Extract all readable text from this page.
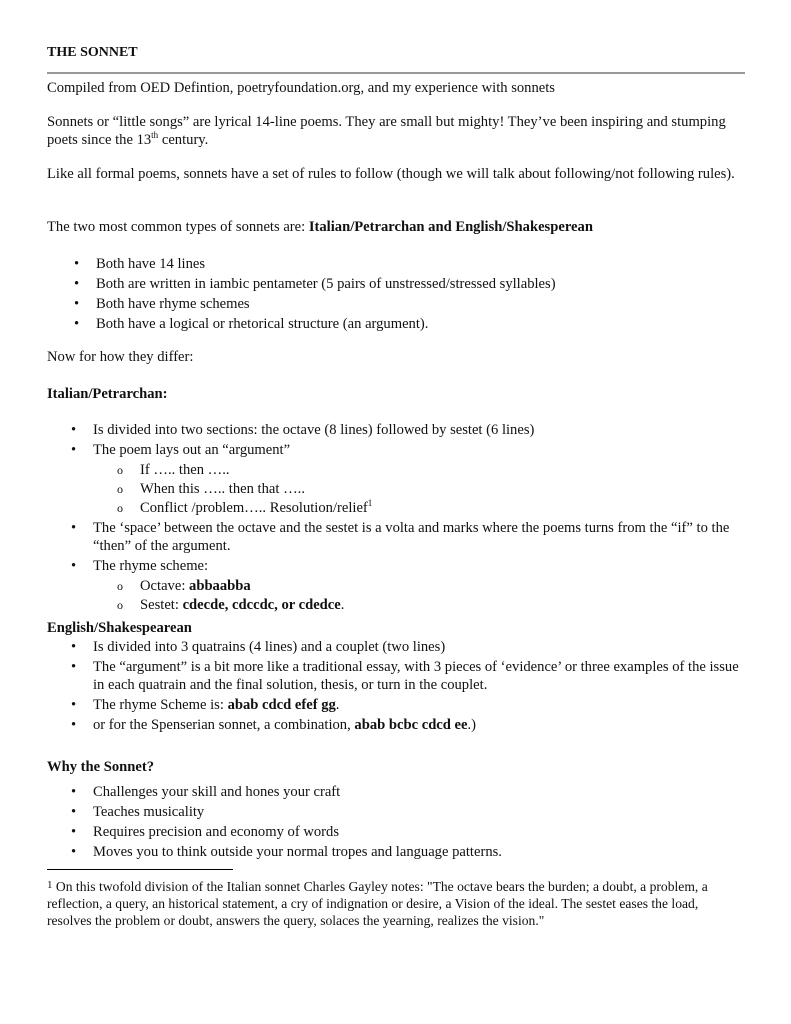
THE SONNET

Compiled from OED Defintion, poetryfoundation.org, and my experience with sonnets

Sonnets or “little songs” are lyrical 14-line poems. They are small but mighty! They’ve been inspiring and stumping poets since the 13th century.

Like all formal poems, sonnets have a set of rules to follow (though we will talk about following/not following rules).

The two most common types of sonnets are: Italian/Petrarchan and English/Shakesperean

• Both have 14 lines
• Both are written in iambic pentameter (5 pairs of unstressed/stressed syllables)
• Both have rhyme schemes
• Both have a logical or rhetorical structure (an argument).

Now for how they differ:

Italian/Petrarchan:

• Is divided into two sections: the octave (8 lines) followed by sestet (6 lines)
• The poem lays out an “argument”
o If ….. then …..
o When this ….. then that …..
o Conflict /problem….. Resolution/relief$^1$
• The ‘space’ between the octave and the sestet is a volta and marks where the poems turns from the “if” to the “then” of the argument.
• The rhyme scheme:
o Octave: abbaabba
o Sestet: cdecde, cdccdc, or cdedce.

English/Shakespearean

• Is divided into 3 quatrains (4 lines) and a couplet (two lines)
• The “argument” is a bit more like a traditional essay, with 3 pieces of ‘evidence’ or three examples of the issue in each quatrain and the final solution, thesis, or turn in the couplet.
• The rhyme Scheme is: abab cdcd efef gg.
• or for the Spenserian sonnet, a combination, abab bcbc cdcd ee.)

Why the Sonnet?

• Challenges your skill and hones your craft
• Teaches musicality
• Requires precision and economy of words
• Moves you to think outside your normal tropes and language patterns.

$^1$ On this twofold division of the Italian sonnet Charles Gayley notes: "The octave bears the burden; a doubt, a problem, a reflection, a query, an historical statement, a cry of indignation or desire, a Vision of the ideal. The sestet eases the load, resolves the problem or doubt, answers the query, solaces the yearning, realizes the vision."
